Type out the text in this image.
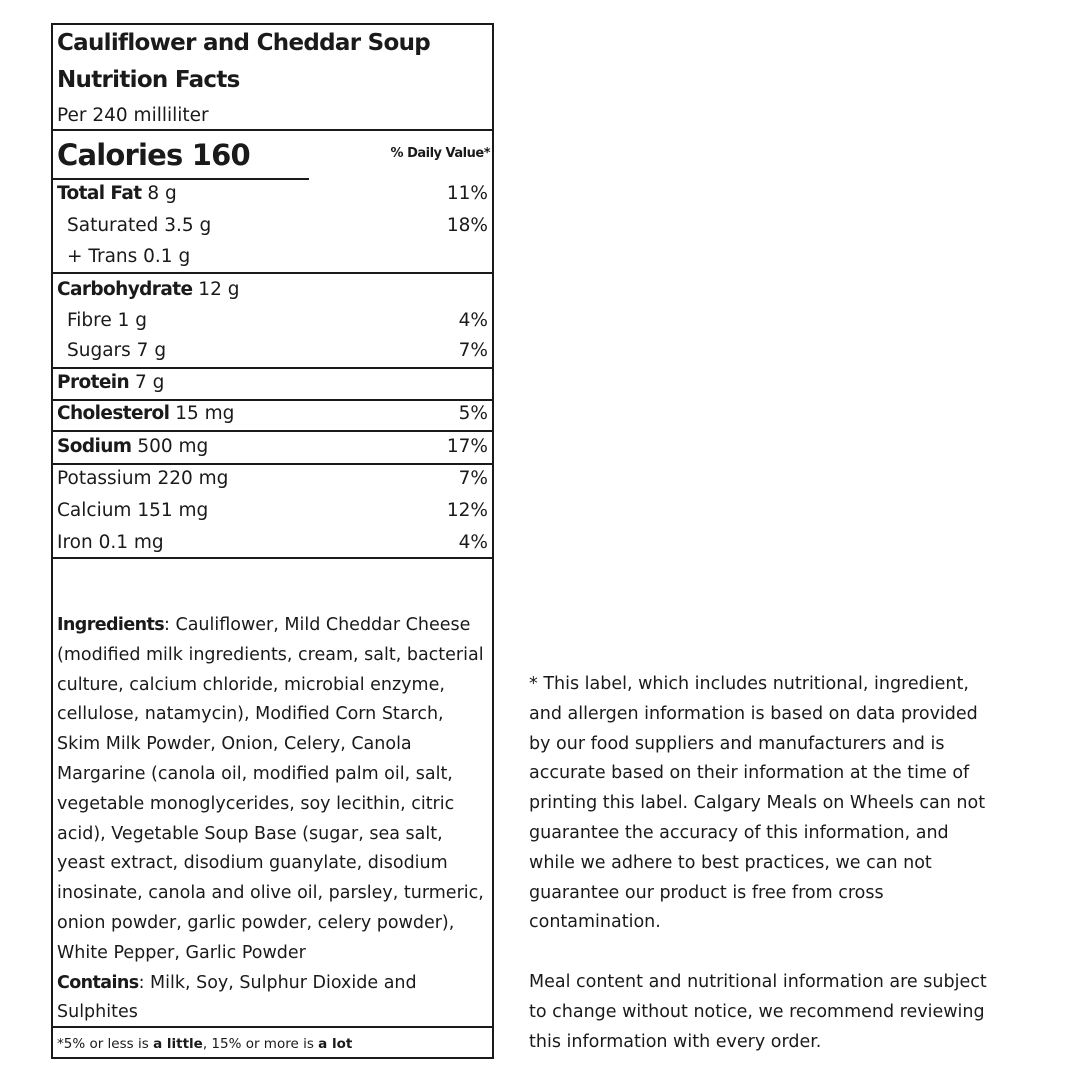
Cauliflower and Cheddar Soup
Nutrition Facts
Per 240 milliliter
Calories 160	% Daily Value*
Total Fat 8 g	11%
Saturated 3.5 g	18%
+ Trans 0.1 g
Carbohydrate 12 g
Fibre 1 g	4%
Sugars 7 g	7%
Protein 7 g
Cholesterol 15 mg	5%
Sodium 500 mg	17%
Potassium 220 mg	7%
Calcium 151 mg	12%
Iron 0.1 mg	4%
Ingredients: Cauliflower, Mild Cheddar Cheese
(modified milk ingredients, cream, salt, bacterial
culture, calcium chloride, microbial enzyme,
cellulose, natamycin), Modified Corn Starch,
Skim Milk Powder, Onion, Celery, Canola
Margarine (canola oil, modified palm oil, salt,
vegetable monoglycerides, soy lecithin, citric
acid), Vegetable Soup Base (sugar, sea salt,
yeast extract, disodium guanylate, disodium
inosinate, canola and olive oil, parsley, turmeric,
onion powder, garlic powder, celery powder),
White Pepper, Garlic Powder
Contains: Milk, Soy, Sulphur Dioxide and
Sulphites
*5% or less is a little, 15% or more is a lot
* This label, which includes nutritional, ingredient,
and allergen information is based on data provided
by our food suppliers and manufacturers and is
accurate based on their information at the time of
printing this label. Calgary Meals on Wheels can not
guarantee the accuracy of this information, and
while we adhere to best practices, we can not
guarantee our product is free from cross
contamination.
Meal content and nutritional information are subject
to change without notice, we recommend reviewing
this information with every order.
